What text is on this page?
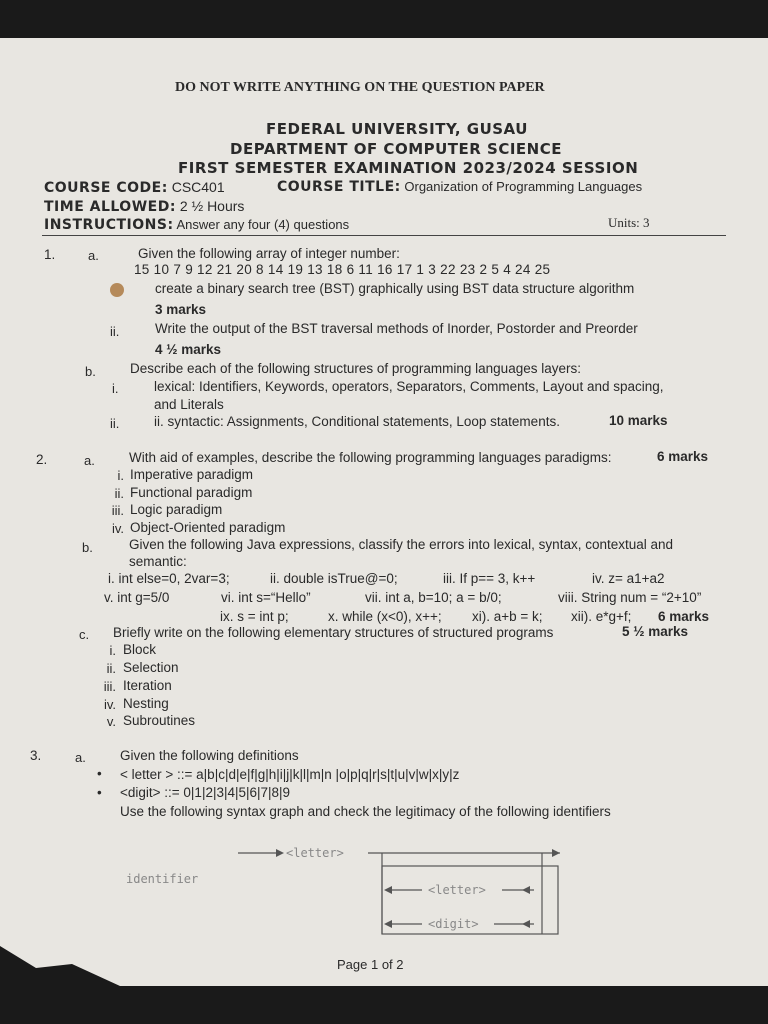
DO NOT WRITE ANYTHING ON THE QUESTION PAPER
FEDERAL UNIVERSITY, GUSAU
DEPARTMENT OF COMPUTER SCIENCE
FIRST SEMESTER EXAMINATION 2023/2024 SESSION
COURSE CODE: CSC401	COURSE TITLE: Organization of Programming Languages
TIME ALLOWED: 2 ½ Hours
INSTRUCTIONS: Answer any four (4) questions	Units: 3
1.	a.	Given the following array of integer number:
15 10 7 9 12 21 20 8 14 19 13 18 6 11 16 17 1 3 22 23 2 5 4 24 25
create a binary search tree (BST) graphically using BST data structure algorithm
3 marks
ii.	Write the output of the BST traversal methods of Inorder, Postorder and Preorder
4 ½ marks
b.	Describe each of the following structures of programming languages layers:
i.	lexical: Identifiers, Keywords, operators, Separators, Comments, Layout and spacing,
and Literals
ii.	ii. syntactic: Assignments, Conditional statements, Loop statements.	10 marks
2.	a.	With aid of examples, describe the following programming languages paradigms:	6 marks
i. Imperative paradigm
ii. Functional paradigm
iii. Logic paradigm
iv. Object-Oriented paradigm
b.	Given the following Java expressions, classify the errors into lexical, syntax, contextual and
semantic:
i. int else=0, 2var=3;	ii. double isTrue@=0;	iii. If p== 3, k++	iv. z= a1+a2
v. int g=5/0	vi. int s=“Hello”	vii. int a, b=10; a = b/0;	viii. String num = “2+10”
ix. s = int p;	x. while (x<0), x++; xi). a+b = k; xii). e*g+f; 6 marks
c. Briefly write on the following elementary structures of structured programs	5 ½ marks
i. Block
ii. Selection
iii. Iteration
iv. Nesting
v. Subroutines
3.	a.	Given the following definitions
• < letter > ::= a|b|c|d|e|f|g|h|i|j|k|l|m|n |o|p|q|r|s|t|u|v|w|x|y|z
• <digit> ::= 0|1|2|3|4|5|6|7|8|9
Use the following syntax graph and check the legitimacy of the following identifiers
<letter>
identifier
<letter>
<digit>
Page 1 of 2
